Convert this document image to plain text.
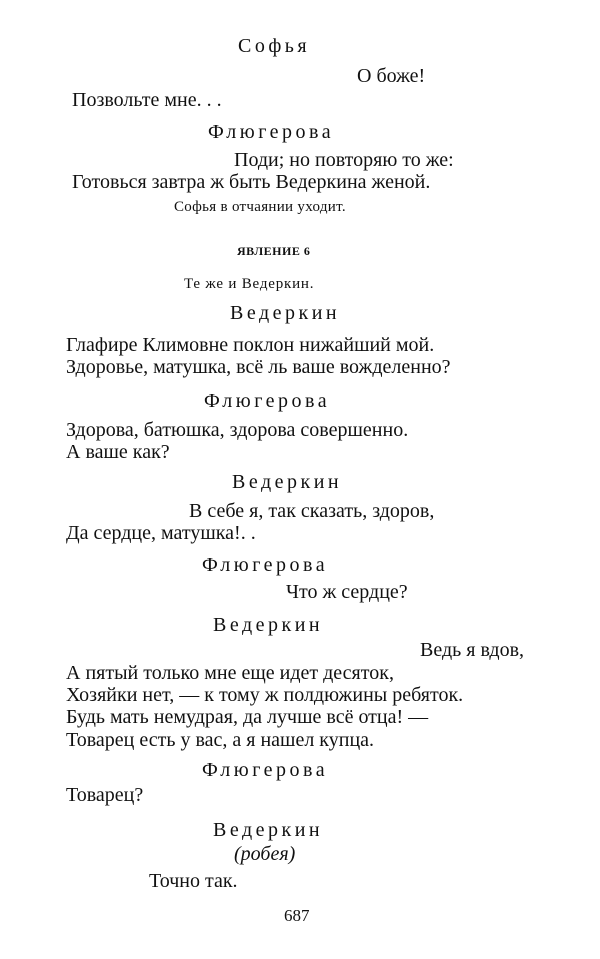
Софья
О боже!
Позвольте мне. . .
Флюгерова
Поди; но повторяю то же:
Готовься завтра ж быть Ведеркина женой.
Софья в отчаянии уходит.
ЯВЛЕНИЕ 6
Те же и Ведеркин.
Ведеркин
Глафире Климовне поклон нижайший мой.
Здоровье, матушка, всё ль ваше вожделенно?
Флюгерова
Здорова, батюшка, здорова совершенно.
А ваше как?
Ведеркин
В себе я, так сказать, здоров,
Да сердце, матушка!. .
Флюгерова
Что ж сердце?
Ведеркин
Ведь я вдов,
А пятый только мне еще идет десяток,
Хозяйки нет, — к тому ж полдюжины ребяток.
Будь мать немудрая, да лучше всё отца! —
Товарец есть у вас, а я нашел купца.
Флюгерова
Товарец?
Ведеркин
(робея)
Точно так.
687
